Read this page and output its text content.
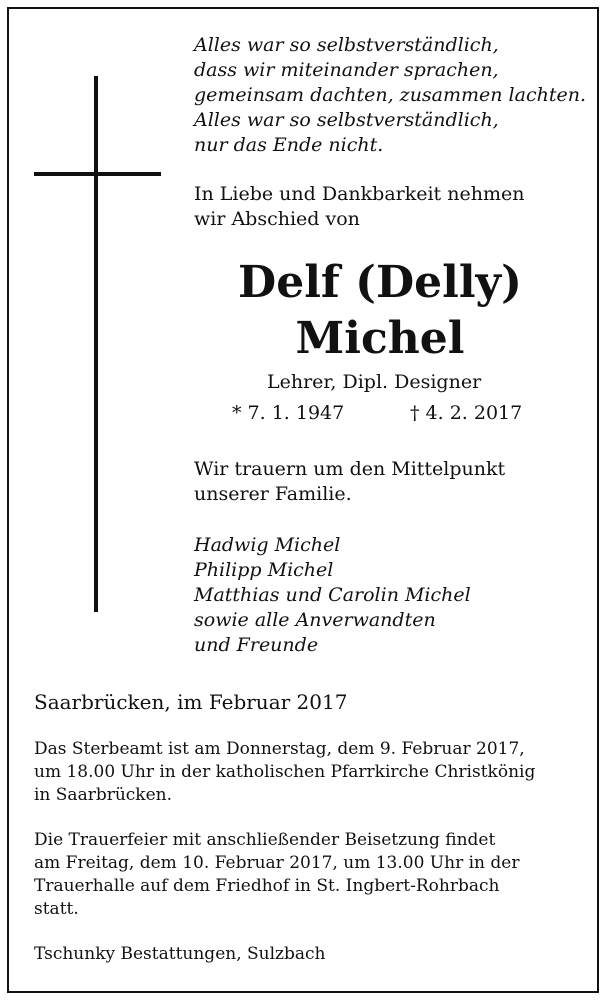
Alles war so selbstverständlich,
dass wir miteinander sprachen,
gemeinsam dachten, zusammen lachten.
Alles war so selbstverständlich,
nur das Ende nicht.
In Liebe und Dankbarkeit nehmen
wir Abschied von
Delf (Delly)
Michel
Lehrer, Dipl. Designer
* 7. 1. 1947	† 4. 2. 2017
Wir trauern um den Mittelpunkt
unserer Familie.
Hadwig Michel
Philipp Michel
Matthias und Carolin Michel
sowie alle Anverwandten
und Freunde
Saarbrücken, im Februar 2017
Das Sterbeamt ist am Donnerstag, dem 9. Februar 2017,
um 18.00 Uhr in der katholischen Pfarrkirche Christkönig
in Saarbrücken.
Die Trauerfeier mit anschließender Beisetzung findet
am Freitag, dem 10. Februar 2017, um 13.00 Uhr in der
Trauerhalle auf dem Friedhof in St. Ingbert-Rohrbach
statt.
Tschunky Bestattungen, Sulzbach
